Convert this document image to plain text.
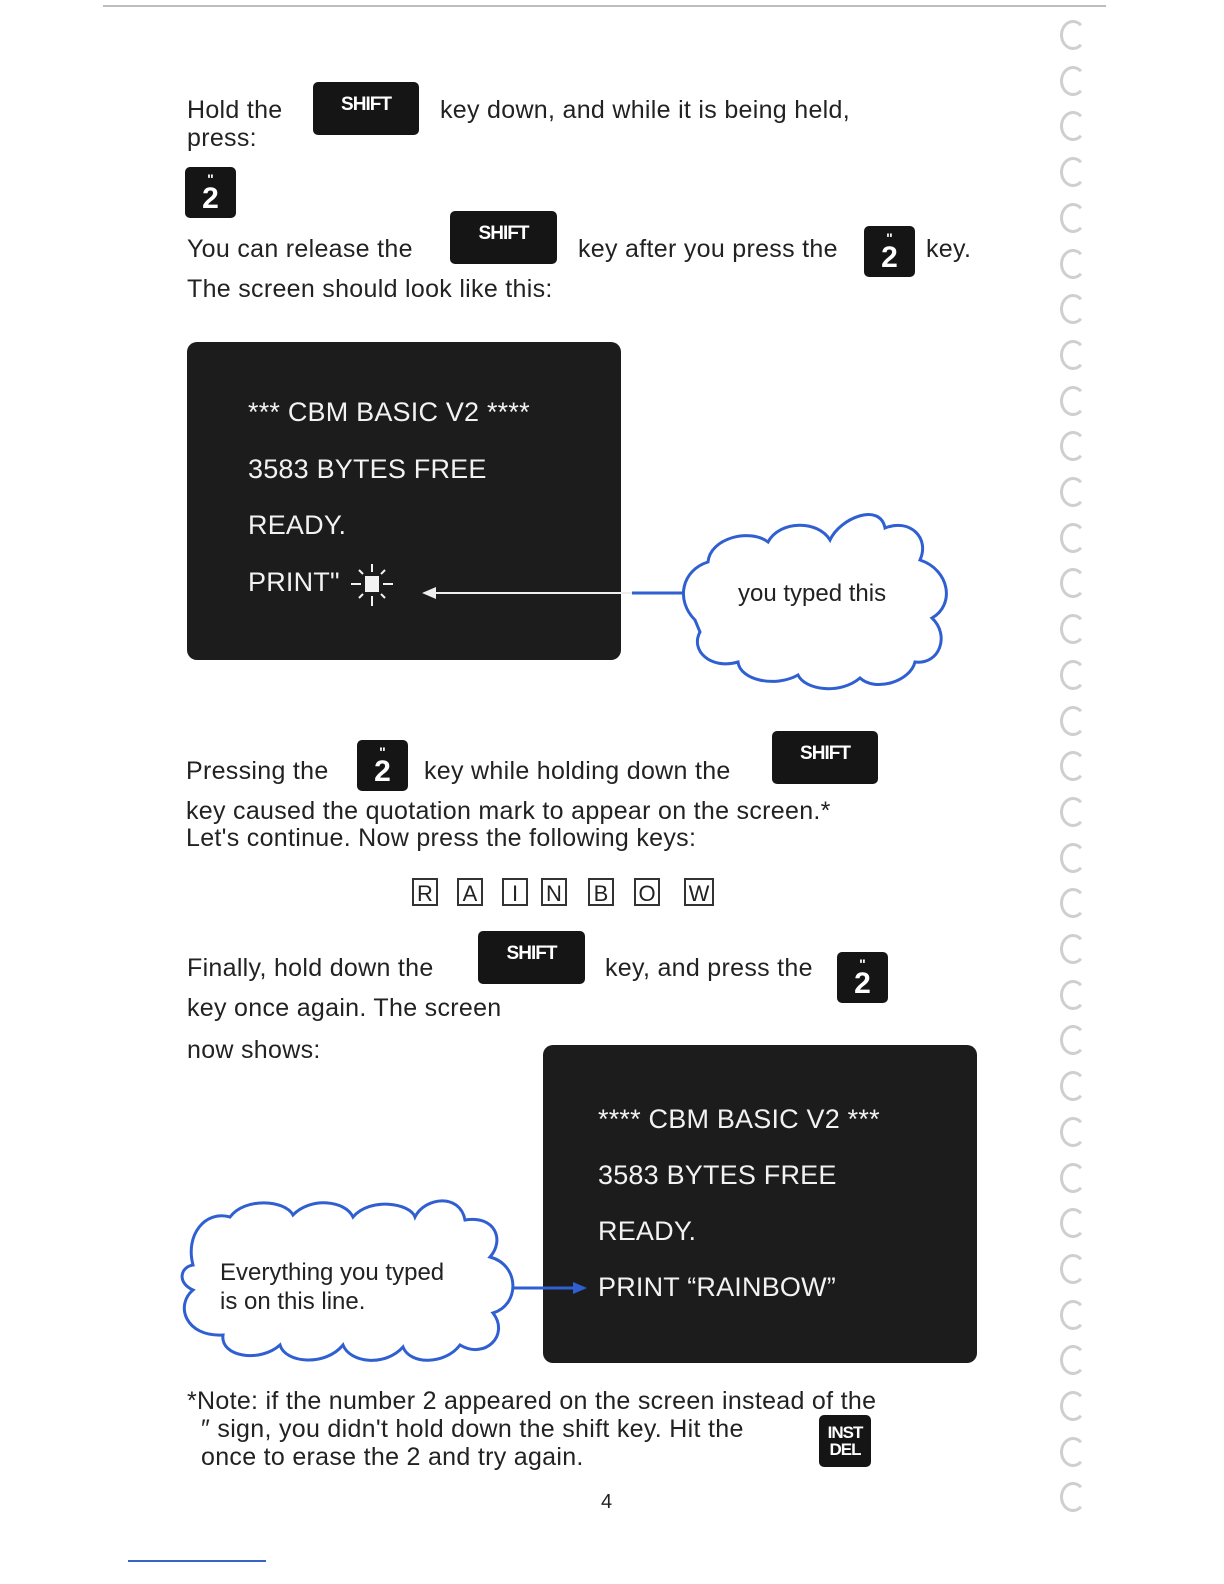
Hold the	SHIFT	key down, and while it is being held,
press:
"
2
You can release the
SHIFT
key after you press the	"
2 key.
The screen should look like this:
*** CBM BASIC V2 ****
3583 BYTES FREE
READY.
PRINT"	you typed this
Pressing the
"
2 key while holding down the
SHIFT
key caused the quotation mark to appear on the screen.*
Let's continue. Now press the following keys:
R A	I	N B O W
Finally, hold down the
SHIFT
key, and press the	"
2
key once again. The screen
now shows:
**** CBM BASIC V2 ***
3583 BYTES FREE
READY.
PRINT “RAINBOW”
Everything you typed
is on this line.
*Note: if the number 2 appeared on the screen instead of the
″ sign, you didn't hold down the shift key. Hit the	INST
DEL
once to erase the 2 and try again.
4
